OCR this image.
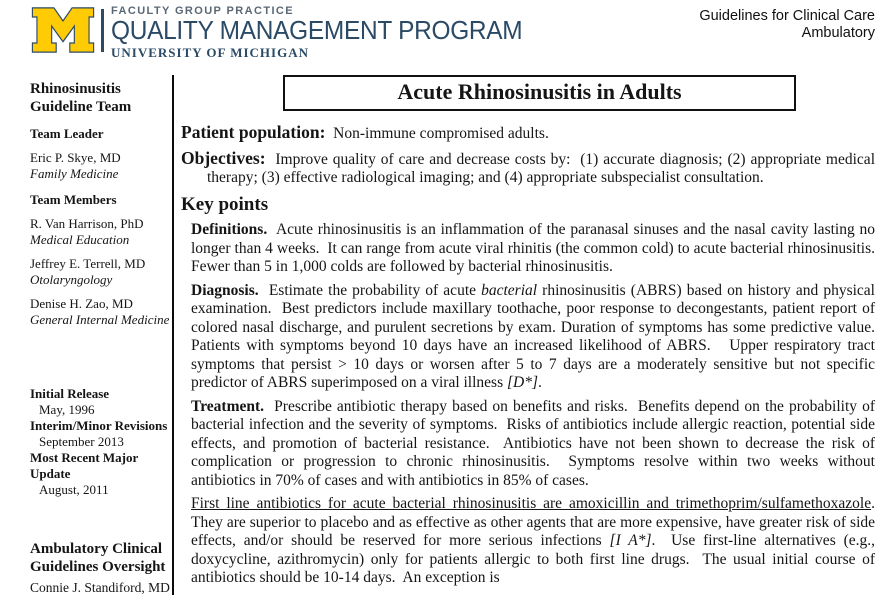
FACULTY GROUP PRACTICE
QUALITY MANAGEMENT PROGRAM
UNIVERSITY OF MICHIGAN
Guidelines for Clinical Care
Ambulatory
Rhinosinusitis
Guideline Team
Team Leader
Eric P. Skye, MD
Family Medicine
Team Members
R. Van Harrison, PhD
Medical Education
Jeffrey E. Terrell, MD
Otolaryngology
Denise H. Zao, MD
General Internal Medicine
Initial Release
May, 1996
Interim/Minor Revisions
September 2013
Most Recent Major Update
August, 2011
Ambulatory Clinical
Guidelines Oversight
Connie J. Standiford, MD
Acute Rhinosinusitis in Adults
Patient population:  Non-immune compromised adults.
Objectives:  Improve quality of care and decrease costs by:  (1) accurate diagnosis; (2) appropriate medical therapy; (3) effective radiological imaging; and (4) appropriate subspecialist consultation.
Key points

Definitions.  Acute rhinosinusitis is an inflammation of the paranasal sinuses and the nasal cavity lasting no longer than 4 weeks.  It can range from acute viral rhinitis (the common cold) to acute bacterial rhinosinusitis.  Fewer than 5 in 1,000 colds are followed by bacterial rhinosinusitis.

Diagnosis.  Estimate the probability of acute bacterial rhinosinusitis (ABRS) based on history and physical examination.  Best predictors include maxillary toothache, poor response to decongestants, patient report of colored nasal discharge, and purulent secretions by exam. Duration of symptoms has some predictive value.  Patients with symptoms beyond 10 days have an increased likelihood of ABRS.   Upper respiratory tract symptoms that persist > 10 days or worsen after 5 to 7 days are a moderately sensitive but not specific predictor of ABRS superimposed on a viral illness [D*].

Treatment.  Prescribe antibiotic therapy based on benefits and risks.  Benefits depend on the probability of bacterial infection and the severity of symptoms.  Risks of antibiotics include allergic reaction, potential side effects, and promotion of bacterial resistance.  Antibiotics have not been shown to decrease the risk of complication or progression to chronic rhinosinusitis.  Symptoms resolve within two weeks without antibiotics in 70% of cases and with antibiotics in 85% of cases.

First line antibiotics for acute bacterial rhinosinusitis are amoxicillin and trimethoprim/sulfamethoxazole.  They are superior to placebo and as effective as other agents that are more expensive, have greater risk of side effects, and/or should be reserved for more serious infections [I A*].  Use first-line alternatives (e.g., doxycycline, azithromycin) only for patients allergic to both first line drugs.  The usual initial course of antibiotics should be 10-14 days.  An exception is
